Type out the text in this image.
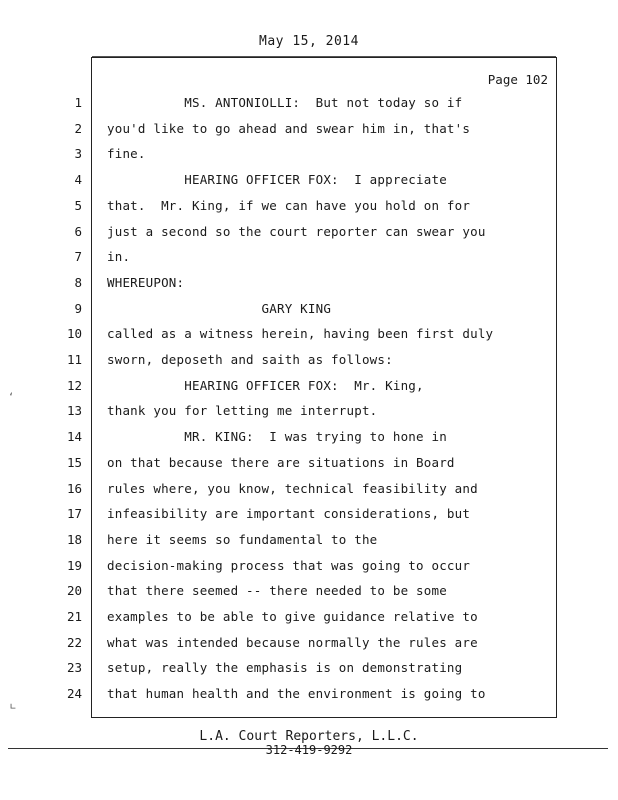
May 15, 2014
Page 102
1 MS. ANTONIOLLI:  But not today so if
2 you'd like to go ahead and swear him in, that's
3 fine.
4 HEARING OFFICER FOX:  I appreciate
5 that.  Mr. King, if we can have you hold on for
6 just a second so the court reporter can swear you
7 in.
8 WHEREUPON:
9 GARY KING
10 called as a witness herein, having been first duly
11 sworn, deposeth and saith as follows:
12 HEARING OFFICER FOX:  Mr. King,
13 thank you for letting me interrupt.
14 MR. KING:  I was trying to hone in
15 on that because there are situations in Board
16 rules where, you know, technical feasibility and
17 infeasibility are important considerations, but
18 here it seems so fundamental to the
19 decision-making process that was going to occur
20 that there seemed -- there needed to be some
21 examples to be able to give guidance relative to
22 what was intended because normally the rules are
23 setup, really the emphasis is on demonstrating
24 that human health and the environment is going to
L.A. Court Reporters, L.L.C.
312-419-9292
‘
∟
